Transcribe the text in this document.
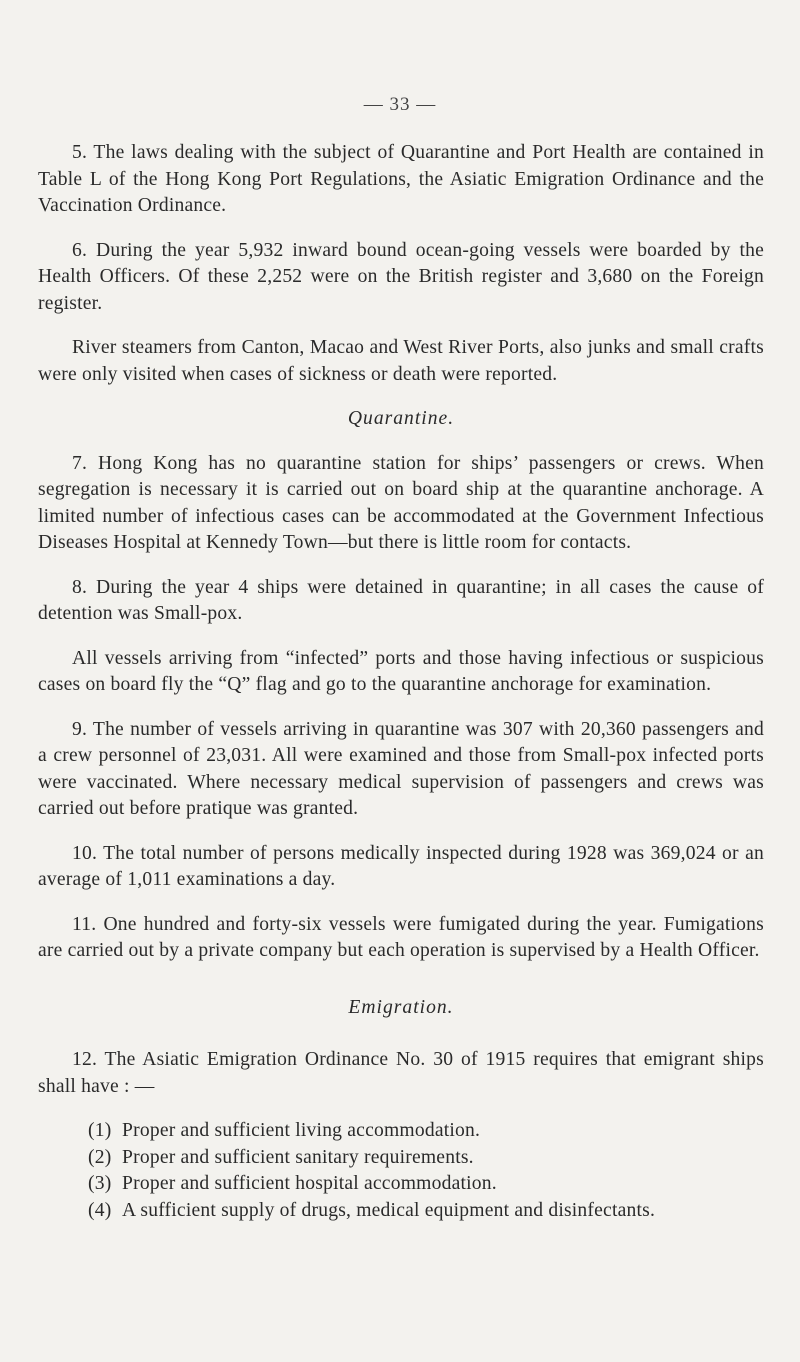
— 33 —

5. The laws dealing with the subject of Quarantine and Port Health are contained in Table L of the Hong Kong Port Regulations, the Asiatic Emigration Ordinance and the Vaccination Ordinance.

6. During the year 5,932 inward bound ocean-going vessels were boarded by the Health Officers. Of these 2,252 were on the British register and 3,680 on the Foreign register.

River steamers from Canton, Macao and West River Ports, also junks and small crafts were only visited when cases of sickness or death were reported.

Quarantine.

7. Hong Kong has no quarantine station for ships’ passengers or crews. When segregation is necessary it is carried out on board ship at the quarantine anchorage. A limited number of infectious cases can be accommodated at the Government Infectious Diseases Hospital at Kennedy Town—but there is little room for contacts.

8. During the year 4 ships were detained in quarantine; in all cases the cause of detention was Small-pox.

All vessels arriving from “infected” ports and those having infectious or suspicious cases on board fly the “Q” flag and go to the quarantine anchorage for examination.

9. The number of vessels arriving in quarantine was 307 with 20,360 passengers and a crew personnel of 23,031. All were examined and those from Small-pox infected ports were vaccinated. Where necessary medical supervision of passengers and crews was carried out before pratique was granted.

10. The total number of persons medically inspected during 1928 was 369,024 or an average of 1,011 examinations a day.

11. One hundred and forty-six vessels were fumigated during the year. Fumigations are carried out by a private company but each operation is supervised by a Health Officer.

Emigration.

12. The Asiatic Emigration Ordinance No. 30 of 1915 requires that emigrant ships shall have : —

(1) Proper and sufficient living accommodation.
(2) Proper and sufficient sanitary requirements.
(3) Proper and sufficient hospital accommodation.
(4) A sufficient supply of drugs, medical equipment and disinfectants.
